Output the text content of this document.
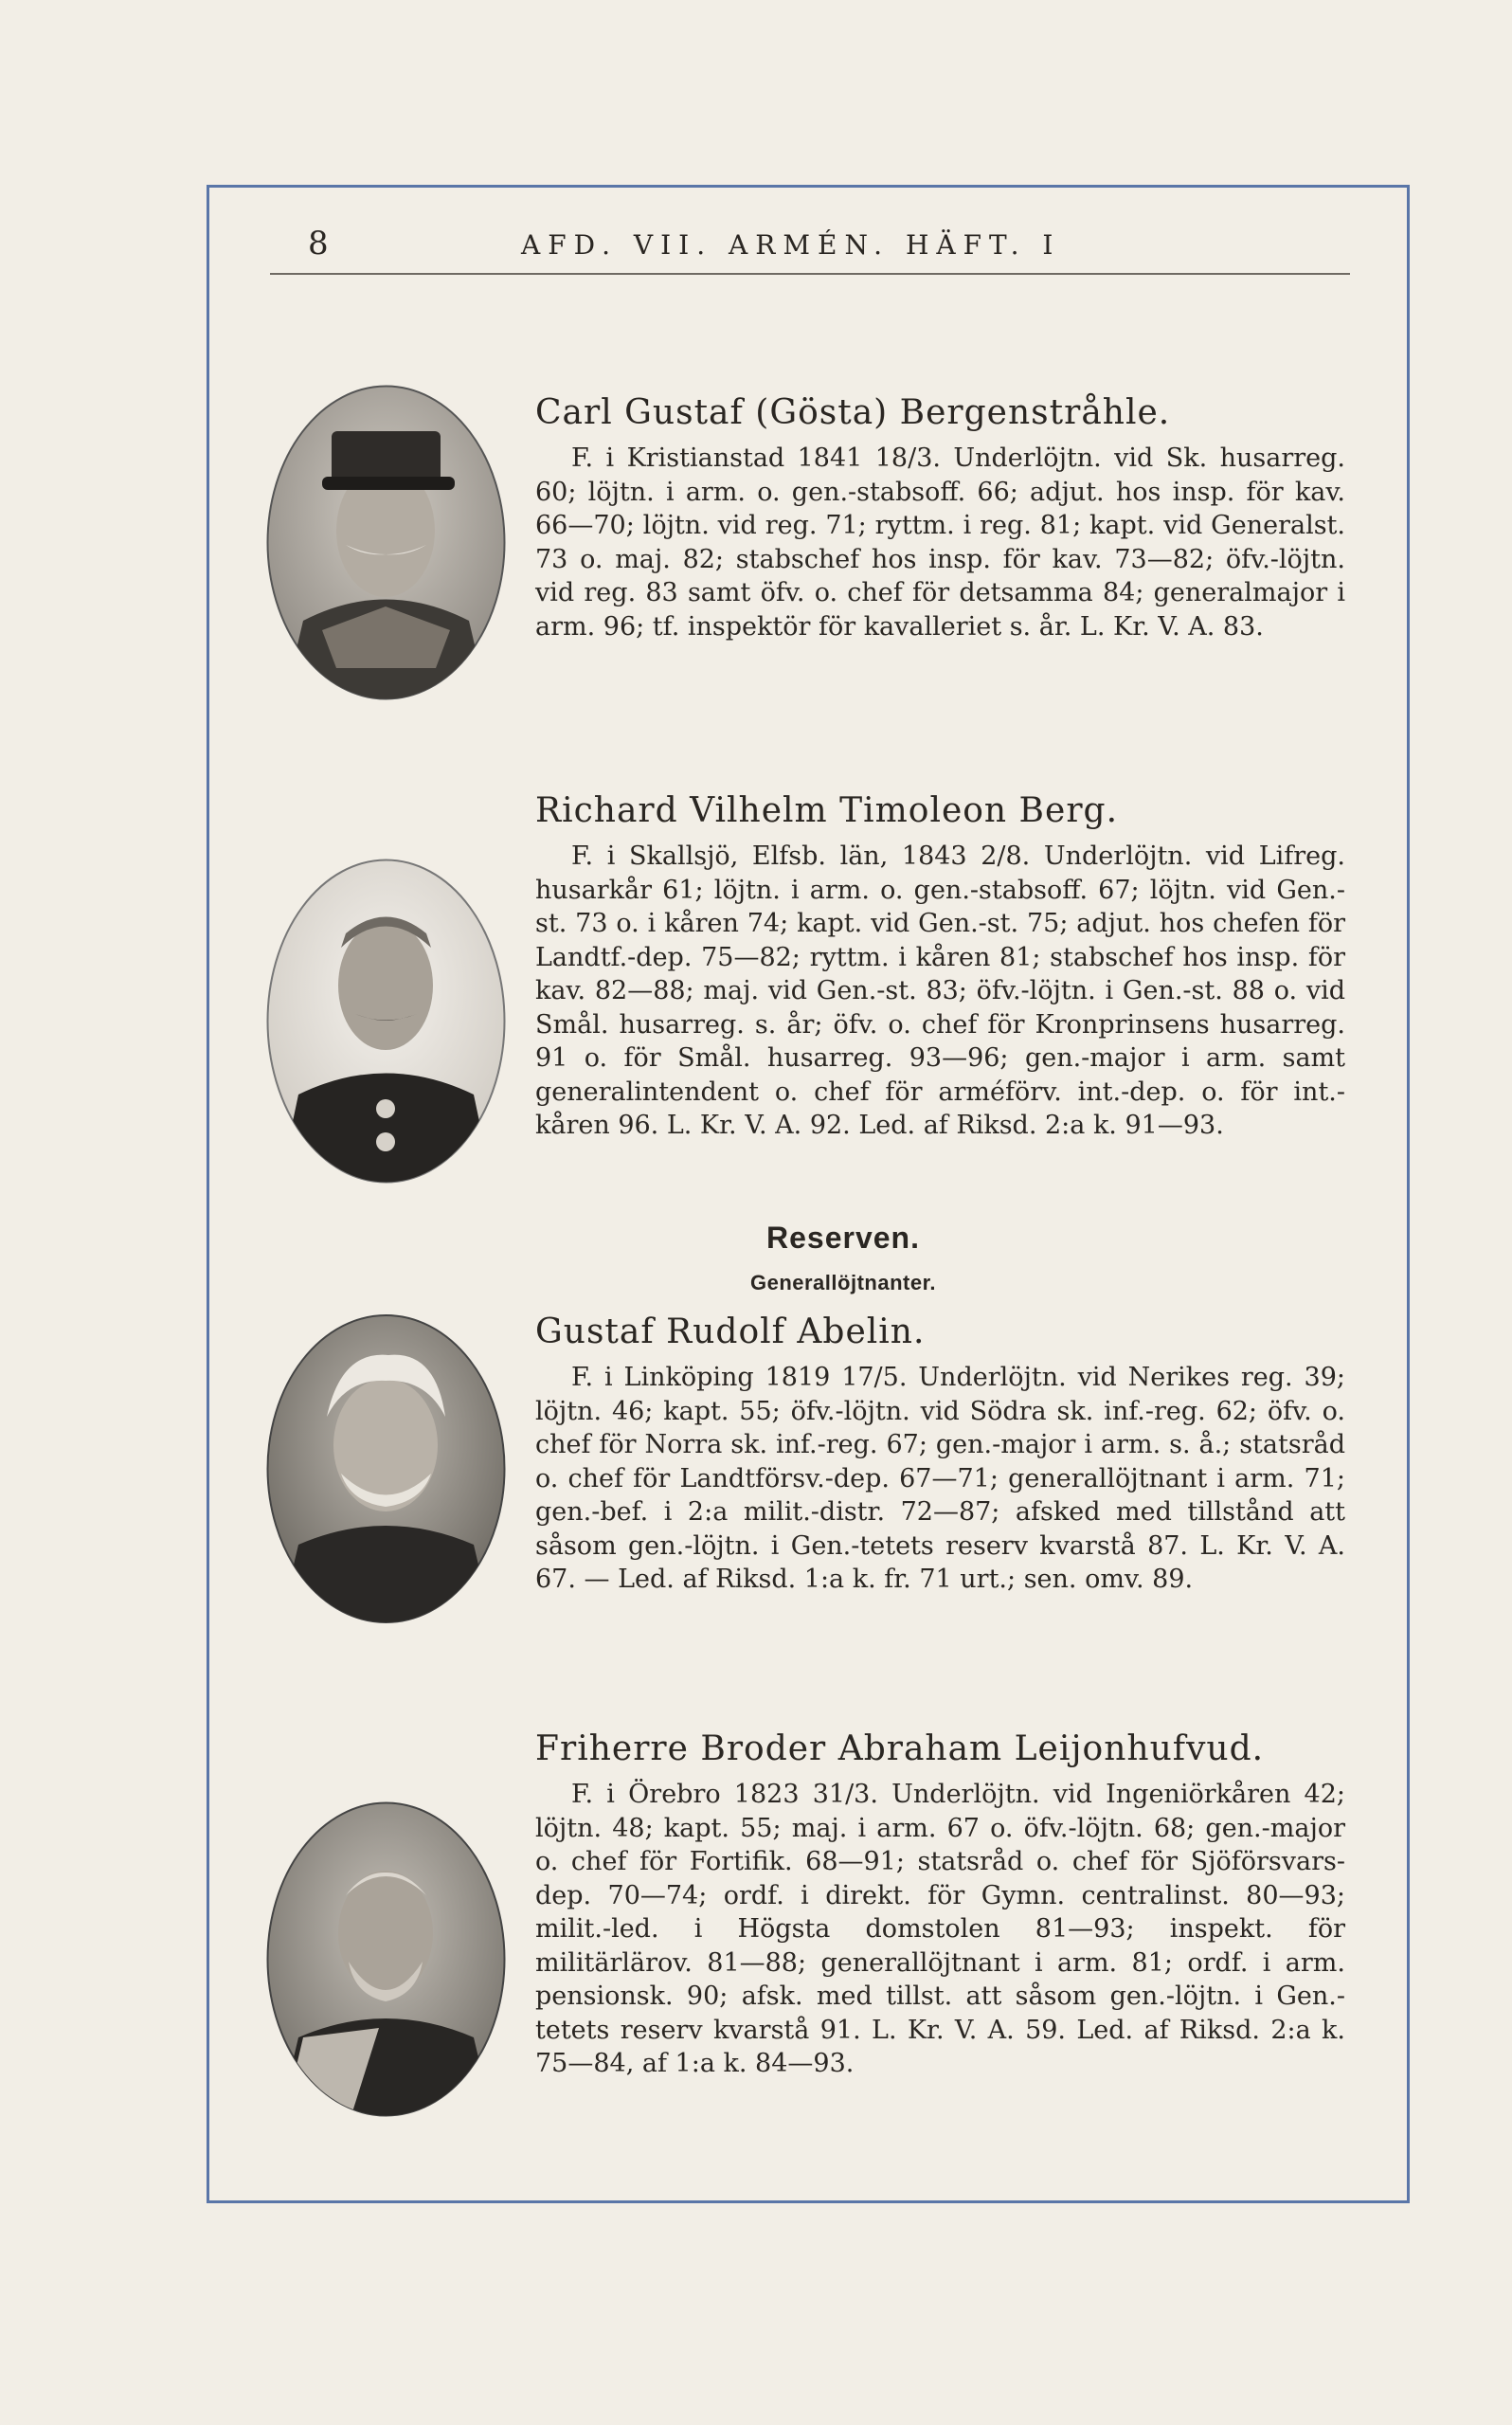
8	AFD. VII. ARMÉN. HÄFT. I
Carl Gustaf (Gösta) Bergenstråhle.

F. i Kristianstad 1841 18/3. Underlöjtn. vid Sk. husarreg. 60; löjtn. i arm. o. gen.-stabsoff. 66; adjut. hos insp. för kav. 66—70; löjtn. vid reg. 71; ryttm. i reg. 81; kapt. vid Generalst. 73 o. maj. 82; stabschef hos insp. för kav. 73—82; öfv.-löjtn. vid reg. 83 samt öfv. o. chef för detsamma 84; generalmajor i arm. 96; tf. inspektör för kavalleriet s. år. L. Kr. V. A. 83.

Richard Vilhelm Timoleon Berg.

F. i Skallsjö, Elfsb. län, 1843 2/8. Underlöjtn. vid Lifreg. husarkår 61; löjtn. i arm. o. gen.-stabsoff. 67; löjtn. vid Gen.-st. 73 o. i kåren 74; kapt. vid Gen.-st. 75; adjut. hos chefen för Landtf.-dep. 75—82; ryttm. i kåren 81; stabschef hos insp. för kav. 82—88; maj. vid Gen.-st. 83; öfv.-löjtn. i Gen.-st. 88 o. vid Smål. husarreg. s. år; öfv. o. chef för Kronprinsens husarreg. 91 o. för Smål. husarreg. 93—96; gen.-major i arm. samt generalintendent o. chef för arméförv. int.-dep. o. för int.-kåren 96. L. Kr. V. A. 92. Led. af Riksd. 2:a k. 91—93.

Reserven.
Generallöjtnanter.
Gustaf Rudolf Abelin.

F. i Linköping 1819 17/5. Underlöjtn. vid Nerikes reg. 39; löjtn. 46; kapt. 55; öfv.-löjtn. vid Södra sk. inf.-reg. 62; öfv. o. chef för Norra sk. inf.-reg. 67; gen.-major i arm. s. å.; statsråd o. chef för Landtförsv.-dep. 67—71; generallöjtnant i arm. 71; gen.-bef. i 2:a milit.-distr. 72—87; afsked med tillstånd att såsom gen.-löjtn. i Gen.-tetets reserv kvarstå 87. L. Kr. V. A. 67. — Led. af Riksd. 1:a k. fr. 71 urt.; sen. omv. 89.

Friherre Broder Abraham Leijonhufvud.

F. i Örebro 1823 31/3. Underlöjtn. vid Ingeniörkåren 42; löjtn. 48; kapt. 55; maj. i arm. 67 o. öfv.-löjtn. 68; gen.-major o. chef för Fortifik. 68—91; statsråd o. chef för Sjöförsvars-dep. 70—74; ordf. i direkt. för Gymn. centralinst. 80—93; milit.-led. i Högsta domstolen 81—93; inspekt. för militärlärov. 81—88; generallöjtnant i arm. 81; ordf. i arm. pensionsk. 90; afsk. med tillst. att såsom gen.-löjtn. i Gen.-tetets reserv kvarstå 91. L. Kr. V. A. 59. Led. af Riksd. 2:a k. 75—84, af 1:a k. 84—93.
